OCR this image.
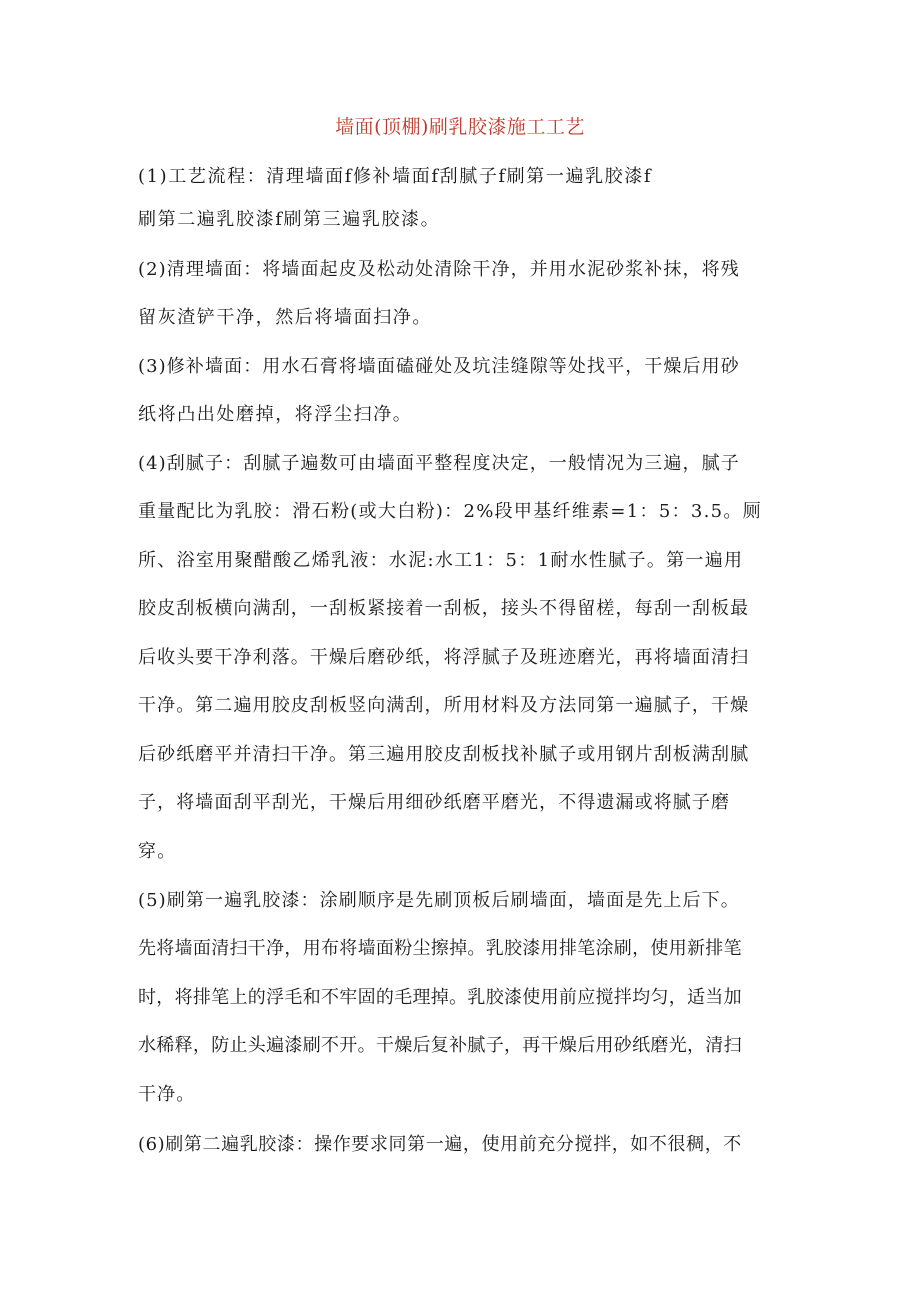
墙面(顶棚)刷乳胶漆施工工艺
(1)工艺流程：清理墙面f修补墙面f刮腻子f刷第一遍乳胶漆f
刷第二遍乳胶漆f刷第三遍乳胶漆。
(2)清理墙面：将墙面起皮及松动处清除干净，并用水泥砂浆补抹，将残
留灰渣铲干净，然后将墙面扫净。
(3)修补墙面：用水石膏将墙面磕碰处及坑洼缝隙等处找平，干燥后用砂
纸将凸出处磨掉，将浮尘扫净。
(4)刮腻子：刮腻子遍数可由墙面平整程度决定，一般情况为三遍，腻子
重量配比为乳胶：滑石粉(或大白粉)：2%段甲基纤维素=1：5：3.5。厕
所、浴室用聚醋酸乙烯乳液：水泥:水工1：5：1耐水性腻子。第一遍用
胶皮刮板横向满刮，一刮板紧接着一刮板，接头不得留槎，每刮一刮板最
后收头要干净利落。干燥后磨砂纸，将浮腻子及班迹磨光，再将墙面清扫
干净。第二遍用胶皮刮板竖向满刮，所用材料及方法同第一遍腻子，干燥
后砂纸磨平并清扫干净。第三遍用胶皮刮板找补腻子或用钢片刮板满刮腻
子，将墙面刮平刮光，干燥后用细砂纸磨平磨光，不得遗漏或将腻子磨
穿。
(5)刷第一遍乳胶漆：涂刷顺序是先刷顶板后刷墙面，墙面是先上后下。
先将墙面清扫干净，用布将墙面粉尘擦掉。乳胶漆用排笔涂刷，使用新排笔
时，将排笔上的浮毛和不牢固的毛理掉。乳胶漆使用前应搅拌均匀，适当加
水稀释，防止头遍漆刷不开。干燥后复补腻子，再干燥后用砂纸磨光，清扫
干净。
(6)刷第二遍乳胶漆：操作要求同第一遍，使用前充分搅拌，如不很稠，不
